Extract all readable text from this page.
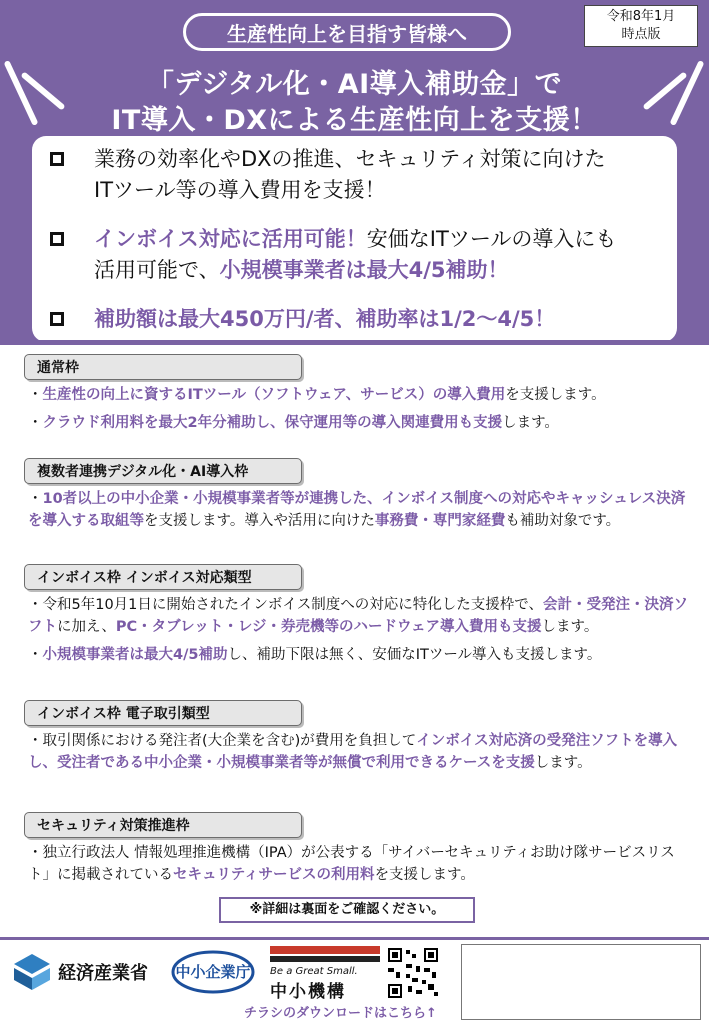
生産性向上を目指す皆様へ
令和8年1月
時点版
「デジタル化・AI導入補助金」で
IT導入・DXによる生産性向上を支援！
業務の効率化やDXの推進、セキュリティ対策に向けた
ITツール等の導入費用を支援！
インボイス対応に活用可能！安価なITツールの導入にも
活用可能で、小規模事業者は最大4/5補助！
補助額は最大450万円/者、補助率は1/2～4/5！
通常枠

・生産性の向上に資するITツール（ソフトウェア、サービス）の導入費用を支援します。

・クラウド利用料を最大2年分補助し、保守運用等の導入関連費用も支援します。

複数者連携デジタル化・AI導入枠

・10者以上の中小企業・小規模事業者等が連携した、インボイス制度への対応やキャッシュレス決済を導入する取組等を支援します。導入や活用に向けた事務費・専門家経費も補助対象です。

インボイス枠 インボイス対応類型

・令和5年10月1日に開始されたインボイス制度への対応に特化した支援枠で、会計・受発注・決済ソフトに加え、PC・タブレット・レジ・券売機等のハードウェア導入費用も支援します。

・小規模事業者は最大4/5補助し、補助下限は無く、安価なITツール導入も支援します。

インボイス枠 電子取引類型

・取引関係における発注者(大企業を含む)が費用を負担してインボイス対応済の受発注ソフトを導入し、受注者である中小企業・小規模事業者等が無償で利用できるケースを支援します。

セキュリティ対策推進枠

・独立行政法人 情報処理推進機構（IPA）が公表する「サイバーセキュリティお助け隊サービスリスト」に掲載されているセキュリティサービスの利用料を支援します。

※詳細は裏面をご確認ください。
経済産業省 中小企業庁 Be a Great Small.
中小機構
チラシのダウンロードはこちら↑
